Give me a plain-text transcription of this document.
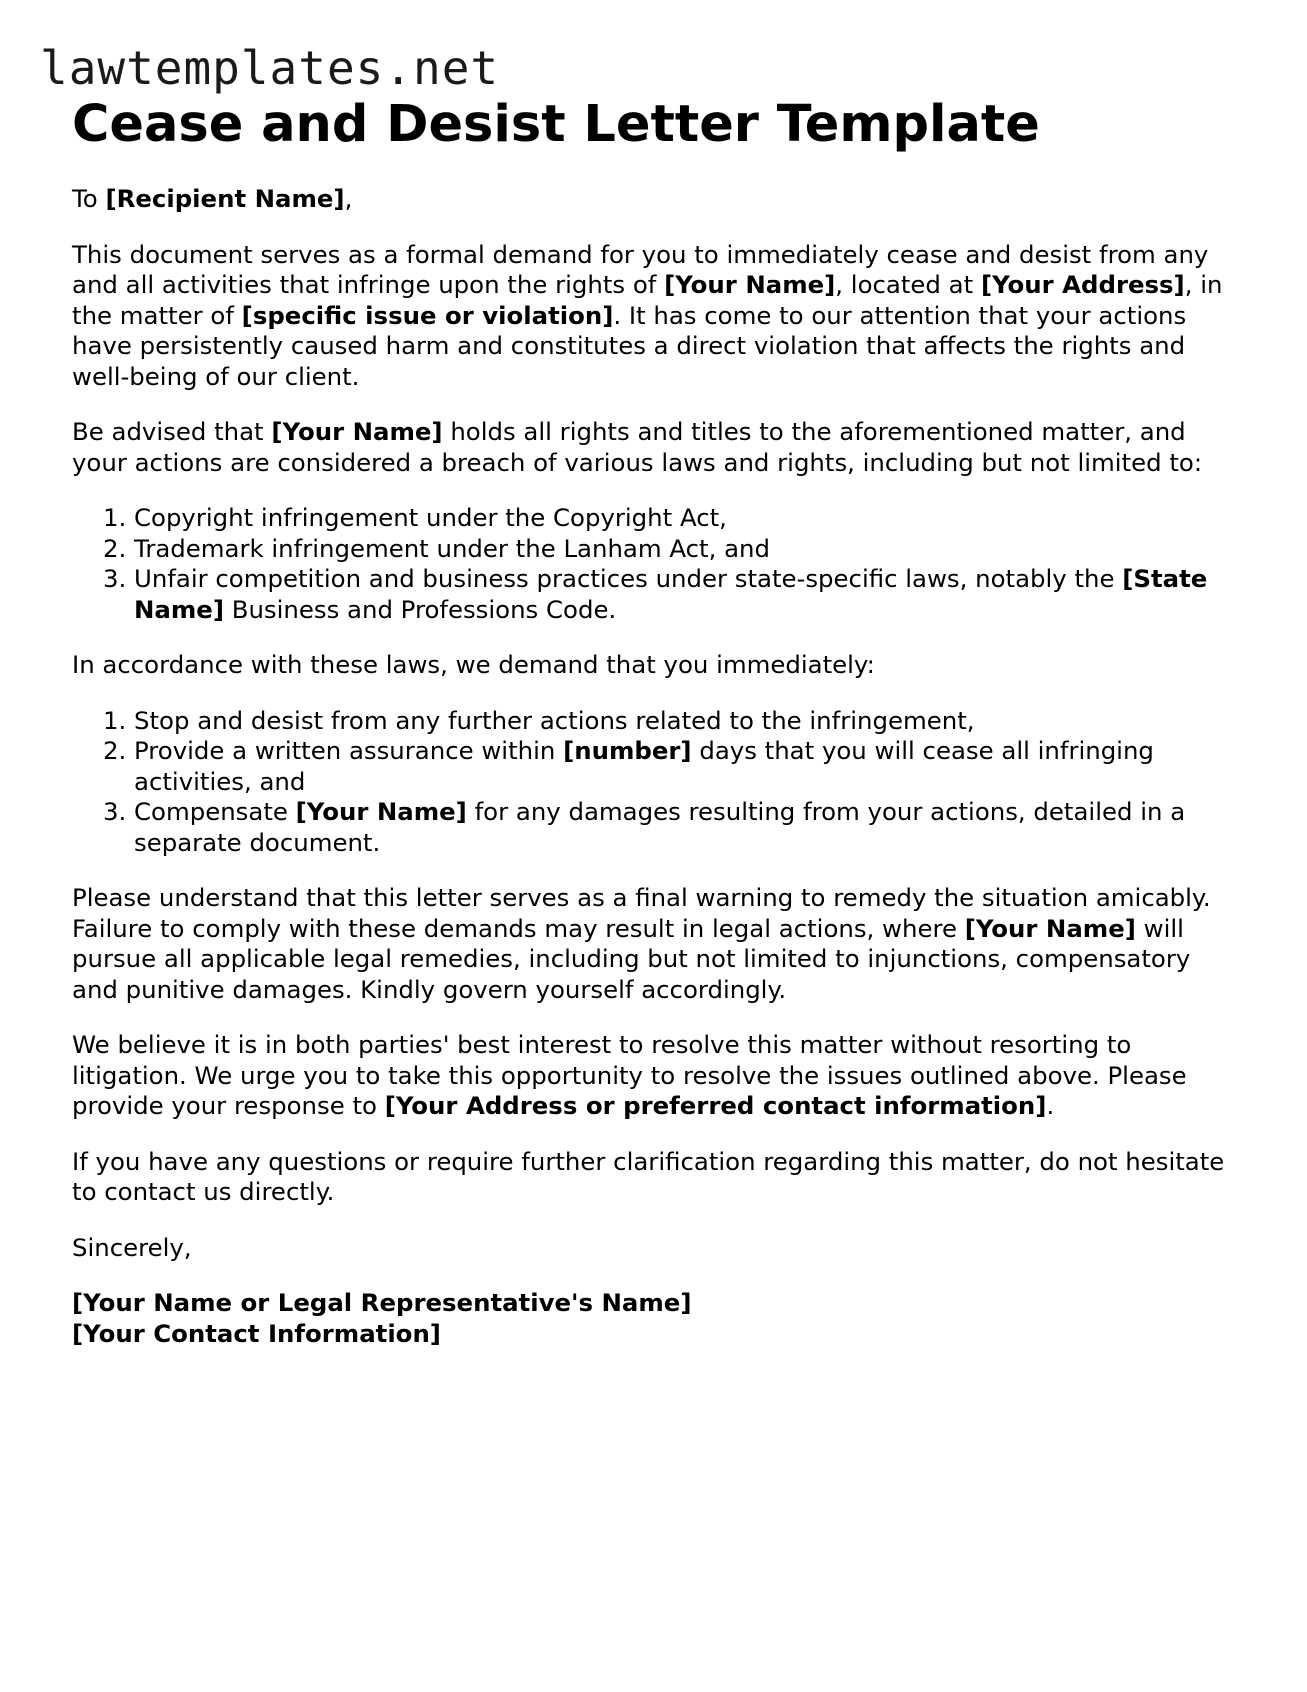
lawtemplates.net
Cease and Desist Letter Template

To [Recipient Name],

This document serves as a formal demand for you to immediately cease and desist from any and all activities that infringe upon the rights of [Your Name], located at [Your Address], in the matter of [specific issue or violation]. It has come to our attention that your actions have persistently caused harm and constitutes a direct violation that affects the rights and well-being of our client.

Be advised that [Your Name] holds all rights and titles to the aforementioned matter, and your actions are considered a breach of various laws and rights, including but not limited to:

1. Copyright infringement under the Copyright Act,
2. Trademark infringement under the Lanham Act, and
3. Unfair competition and business practices under state-specific laws, notably the [State Name] Business and Professions Code.

In accordance with these laws, we demand that you immediately:

1. Stop and desist from any further actions related to the infringement,
2. Provide a written assurance within [number] days that you will cease all infringing activities, and
3. Compensate [Your Name] for any damages resulting from your actions, detailed in a separate document.

Please understand that this letter serves as a final warning to remedy the situation amicably. Failure to comply with these demands may result in legal actions, where [Your Name] will pursue all applicable legal remedies, including but not limited to injunctions, compensatory and punitive damages. Kindly govern yourself accordingly.

We believe it is in both parties' best interest to resolve this matter without resorting to litigation. We urge you to take this opportunity to resolve the issues outlined above. Please provide your response to [Your Address or preferred contact information].

If you have any questions or require further clarification regarding this matter, do not hesitate to contact us directly.

Sincerely,

[Your Name or Legal Representative's Name]
[Your Contact Information]
